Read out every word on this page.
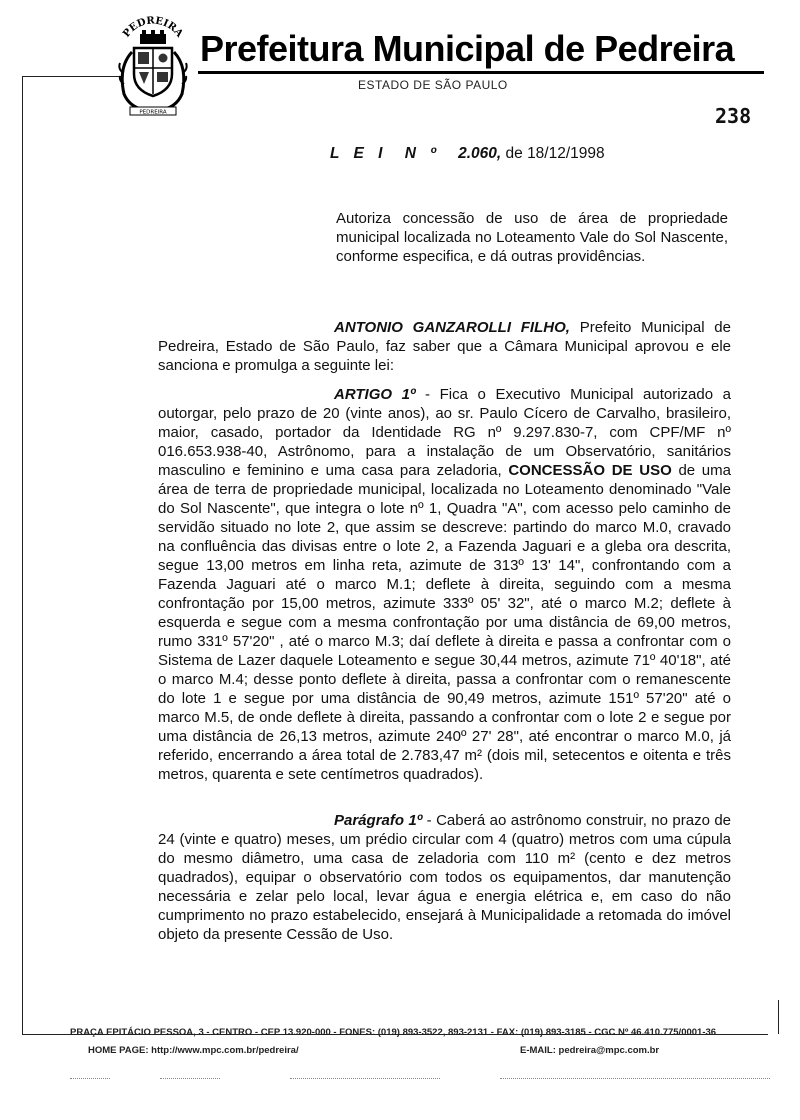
PEDREIRA
PEDREIRA
Prefeitura Municipal de Pedreira
ESTADO DE SÃO PAULO
238
L E I N º 2.060, de 18/12/1998

Autoriza concessão de uso de área de propriedade municipal localizada no Loteamento Vale do Sol Nascente, conforme especifica, e dá outras providências.

ANTONIO GANZAROLLI FILHO, Prefeito Municipal de Pedreira, Estado de São Paulo, faz saber que a Câmara Municipal aprovou e ele sanciona e promulga a seguinte lei:

ARTIGO 1º - Fica o Executivo Municipal autorizado a outorgar, pelo prazo de 20 (vinte anos), ao sr. Paulo Cícero de Carvalho, brasileiro, maior, casado, portador da Identidade RG nº 9.297.830-7, com CPF/MF nº 016.653.938-40, Astrônomo, para a instalação de um Observatório, sanitários masculino e feminino e uma casa para zeladoria, CONCESSÃO DE USO de uma área de terra de propriedade municipal, localizada no Loteamento denominado "Vale do Sol Nascente", que integra o lote nº 1, Quadra "A", com acesso pelo caminho de servidão situado no lote 2, que assim se descreve: partindo do marco M.0, cravado na confluência das divisas entre o lote 2, a Fazenda Jaguari e a gleba ora descrita, segue 13,00 metros em linha reta, azimute de 313º 13' 14", confrontando com a Fazenda Jaguari até o marco M.1; deflete à direita, seguindo com a mesma confrontação por 15,00 metros, azimute 333º 05' 32", até o marco M.2; deflete à esquerda e segue com a mesma confrontação por uma distância de 69,00 metros, rumo 331º 57'20" , até o marco M.3; daí deflete à direita e passa a confrontar com o Sistema de Lazer daquele Loteamento e segue 30,44 metros, azimute 71º 40'18", até o marco M.4; desse ponto deflete à direita, passa a confrontar com o remanescente do lote 1 e segue por uma distância de 90,49 metros, azimute 151º 57'20" até o marco M.5, de onde deflete à direita, passando a confrontar com o lote 2 e segue por uma distância de 26,13 metros, azimute 240º 27' 28", até encontrar o marco M.0, já referido, encerrando a área total de 2.783,47 m² (dois mil, setecentos e oitenta e três metros, quarenta e sete centímetros quadrados).

Parágrafo 1º - Caberá ao astrônomo construir, no prazo de 24 (vinte e quatro) meses, um prédio circular com 4 (quatro) metros com uma cúpula do mesmo diâmetro, uma casa de zeladoria com 110 m² (cento e dez metros quadrados), equipar o observatório com todos os equipamentos, dar manutenção necessária e zelar pelo local, levar água e energia elétrica e, em caso do não cumprimento no prazo estabelecido, ensejará à Municipalidade a retomada do imóvel objeto da presente Cessão de Uso.

PRAÇA EPITÁCIO PESSOA, 3 - CENTRO - CEP 13.920-000 - FONES: (019) 893-3522, 893-2131 - FAX: (019) 893-3185 - CGC Nº 46.410.775/0001-36
HOME PAGE: http://www.mpc.com.br/pedreira/	E-MAIL: pedreira@mpc.com.br
